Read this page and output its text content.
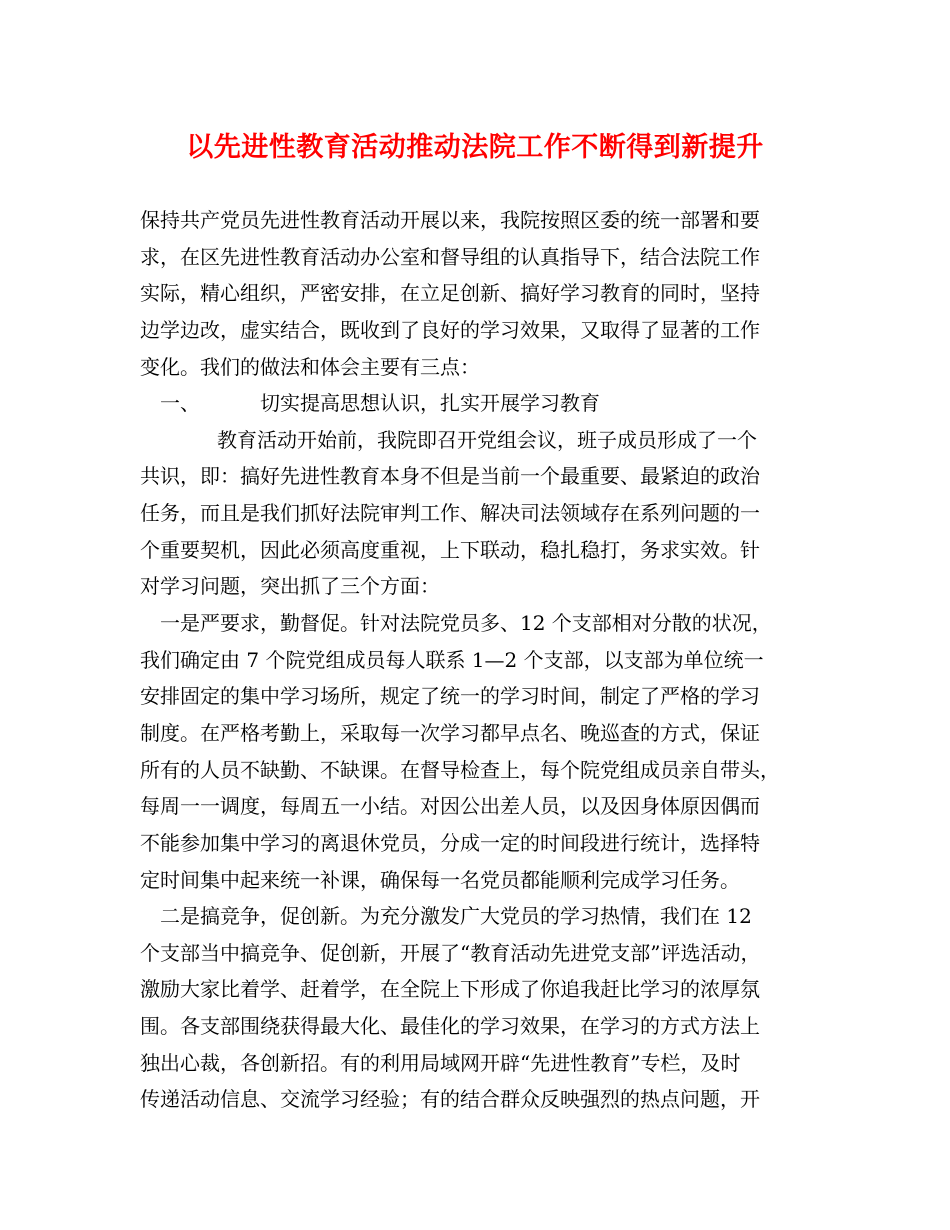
以先进性教育活动推动法院工作不断得到新提升
保持共产党员先进性教育活动开展以来，我院按照区委的统一部署和要
求，在区先进性教育活动办公室和督导组的认真指导下，结合法院工作
实际，精心组织，严密安排，在立足创新、搞好学习教育的同时，坚持
边学边改，虚实结合，既收到了良好的学习效果，又取得了显著的工作
变化。我们的做法和体会主要有三点：
一、	切实提高思想认识，扎实开展学习教育
教育活动开始前，我院即召开党组会议，班子成员形成了一个
共识，即：搞好先进性教育本身不但是当前一个最重要、最紧迫的政治
任务，而且是我们抓好法院审判工作、解决司法领域存在系列问题的一
个重要契机，因此必须高度重视，上下联动，稳扎稳打，务求实效。针
对学习问题，突出抓了三个方面：
一是严要求，勤督促。针对法院党员多、12 个支部相对分散的状况，
我们确定由 7 个院党组成员每人联系 1—2 个支部，以支部为单位统一
安排固定的集中学习场所，规定了统一的学习时间，制定了严格的学习
制度。在严格考勤上，采取每一次学习都早点名、晚巡查的方式，保证
所有的人员不缺勤、不缺课。在督导检查上，每个院党组成员亲自带头，
每周一一调度，每周五一小结。对因公出差人员，以及因身体原因偶而
不能参加集中学习的离退休党员，分成一定的时间段进行统计，选择特
定时间集中起来统一补课，确保每一名党员都能顺利完成学习任务。
二是搞竞争，促创新。为充分激发广大党员的学习热情，我们在 12
个支部当中搞竞争、促创新，开展了“教育活动先进党支部”评选活动，
激励大家比着学、赶着学，在全院上下形成了你追我赶比学习的浓厚氛
围。各支部围绕获得最大化、最佳化的学习效果，在学习的方式方法上
独出心裁，各创新招。有的利用局域网开辟“先进性教育”专栏，及时
传递活动信息、交流学习经验；有的结合群众反映强烈的热点问题，开
